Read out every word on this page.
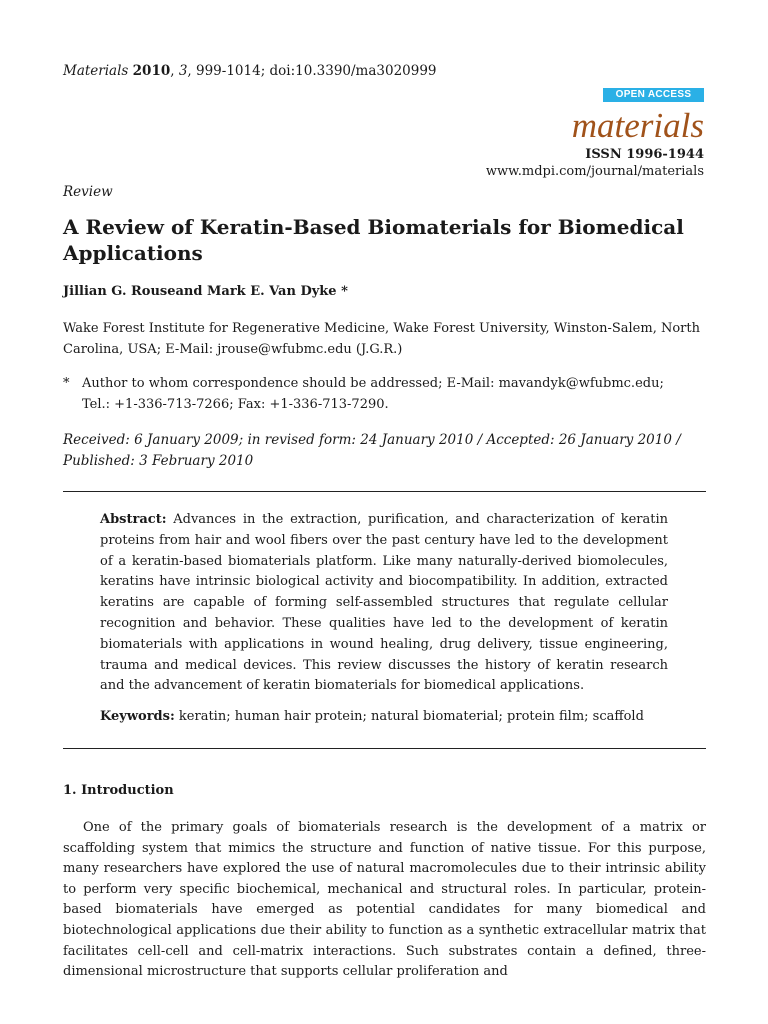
Materials 2010, 3, 999-1014; doi:10.3390/ma3020999
OPEN ACCESS
materials
ISSN 1996-1944
www.mdpi.com/journal/materials
Review
A Review of Keratin-Based Biomaterials for Biomedical Applications
Jillian G. Rouseand Mark E. Van Dyke *

Wake Forest Institute for Regenerative Medicine, Wake Forest University, Winston-Salem, North Carolina, USA; E-Mail: jrouse@wfubmc.edu (J.G.R.)

* Author to whom correspondence should be addressed; E-Mail: mavandyk@wfubmc.edu;
Tel.: +1-336-713-7266; Fax: +1-336-713-7290.

Received: 6 January 2009; in revised form: 24 January 2010 / Accepted: 26 January 2010 / Published: 3 February 2010

Abstract: Advances in the extraction, purification, and characterization of keratin proteins from hair and wool fibers over the past century have led to the development of a keratin-based biomaterials platform. Like many naturally-derived biomolecules, keratins have intrinsic biological activity and biocompatibility. In addition, extracted keratins are capable of forming self-assembled structures that regulate cellular recognition and behavior. These qualities have led to the development of keratin biomaterials with applications in wound healing, drug delivery, tissue engineering, trauma and medical devices. This review discusses the history of keratin research and the advancement of keratin biomaterials for biomedical applications.

Keywords: keratin; human hair protein; natural biomaterial; protein film; scaffold
1. Introduction

One of the primary goals of biomaterials research is the development of a matrix or scaffolding system that mimics the structure and function of native tissue. For this purpose, many researchers have explored the use of natural macromolecules due to their intrinsic ability to perform very specific biochemical, mechanical and structural roles. In particular, protein-based biomaterials have emerged as potential candidates for many biomedical and biotechnological applications due their ability to function as a synthetic extracellular matrix that facilitates cell-cell and cell-matrix interactions. Such substrates contain a defined, three-dimensional microstructure that supports cellular proliferation and
